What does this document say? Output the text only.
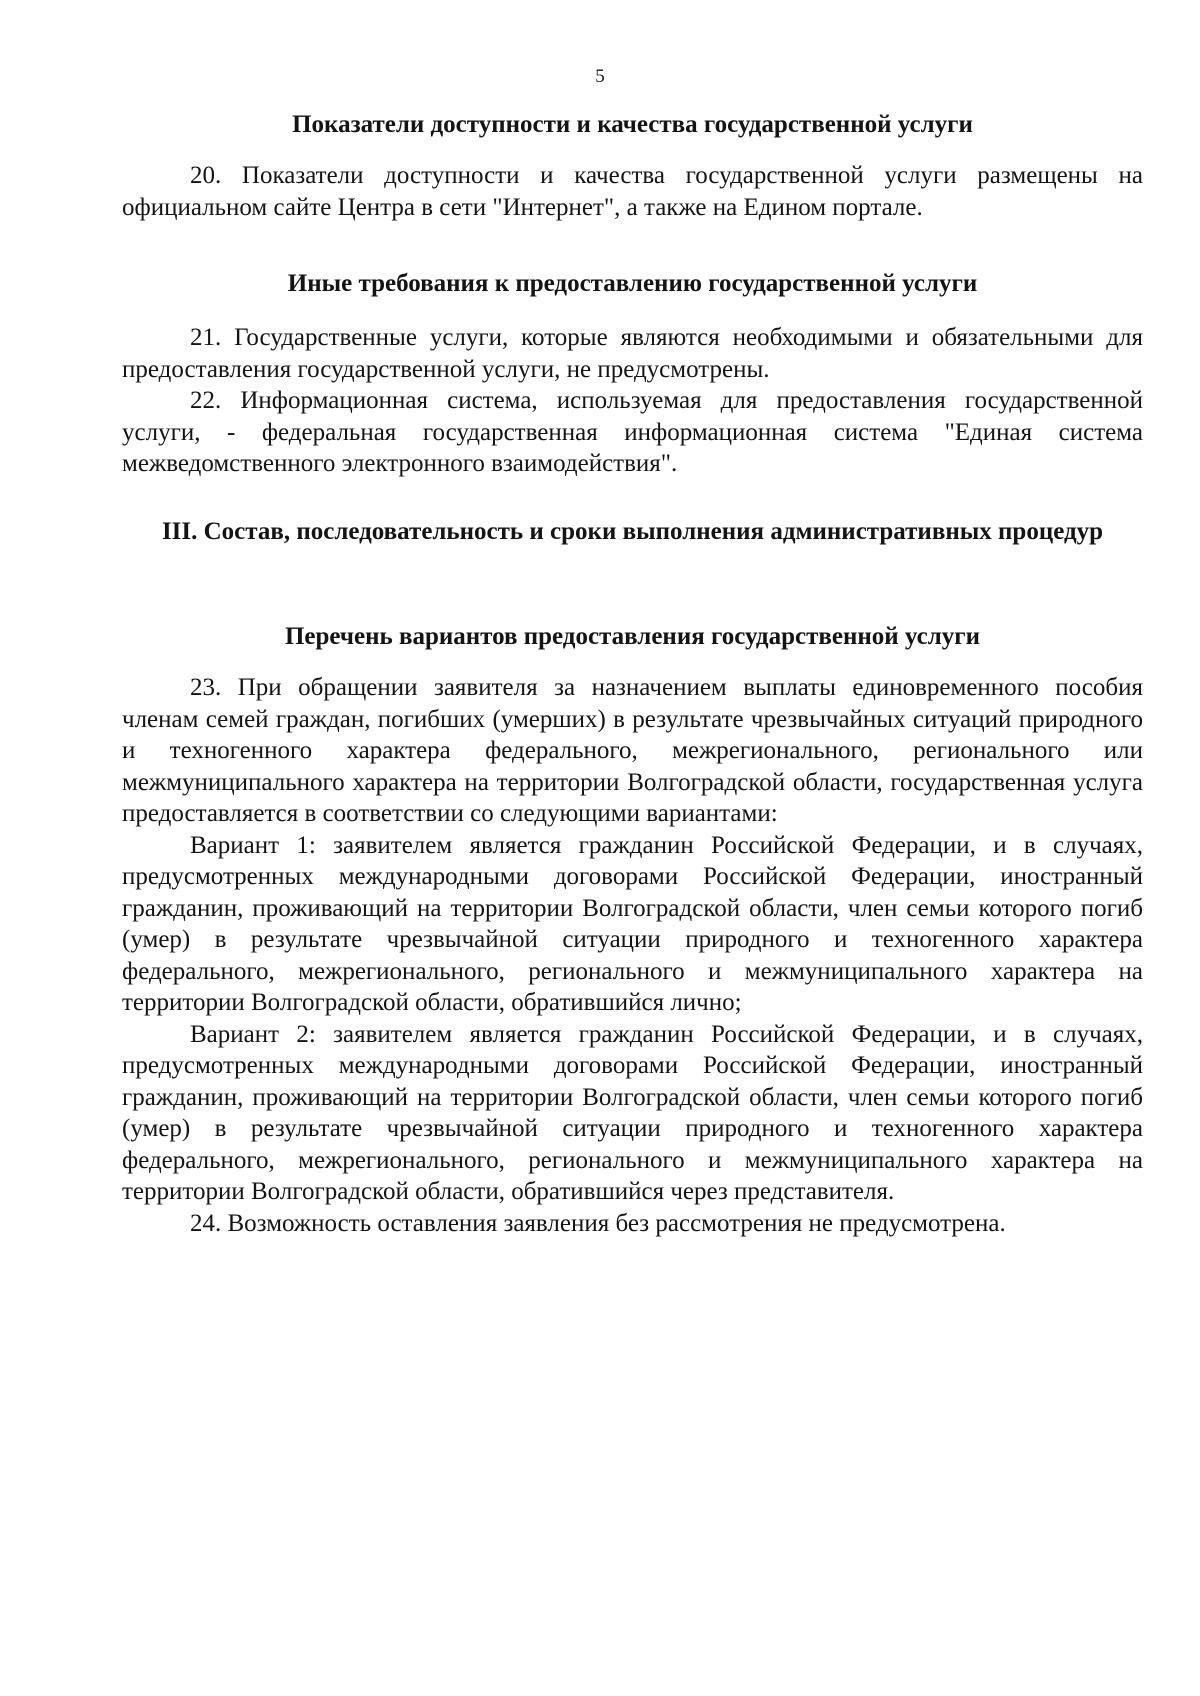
5
Показатели доступности и качества государственной услуги

20. Показатели доступности и качества государственной услуги размещены на официальном сайте Центра в сети "Интернет", а также на Едином портале.

Иные требования к предоставлению государственной услуги

21. Государственные услуги, которые являются необходимыми и обязательными для предоставления государственной услуги, не предусмотрены.

22. Информационная система, используемая для предоставления государственной услуги, - федеральная государственная информационная система "Единая система межведомственного электронного взаимодействия".

III. Состав, последовательность и сроки выполнения административных процедур
Перечень вариантов предоставления государственной услуги

23. При обращении заявителя за назначением выплаты единовременного пособия членам семей граждан, погибших (умерших) в результате чрезвычайных ситуаций природного и техногенного характера федерального, межрегионального, регионального или межмуниципального характера на территории Волгоградской области, государственная услуга предоставляется в соответствии со следующими вариантами:

Вариант 1: заявителем является гражданин Российской Федерации, и в случаях, предусмотренных международными договорами Российской Федерации, иностранный гражданин, проживающий на территории Волгоградской области, член семьи которого погиб (умер) в результате чрезвычайной ситуации природного и техногенного характера федерального, межрегионального, регионального и межмуниципального характера на территории Волгоградской области, обратившийся лично;

Вариант 2: заявителем является гражданин Российской Федерации, и в случаях, предусмотренных международными договорами Российской Федерации, иностранный гражданин, проживающий на территории Волгоградской области, член семьи которого погиб (умер) в результате чрезвычайной ситуации природного и техногенного характера федерального, межрегионального, регионального и межмуниципального характера на территории Волгоградской области, обратившийся через представителя.

24. Возможность оставления заявления без рассмотрения не предусмотрена.
